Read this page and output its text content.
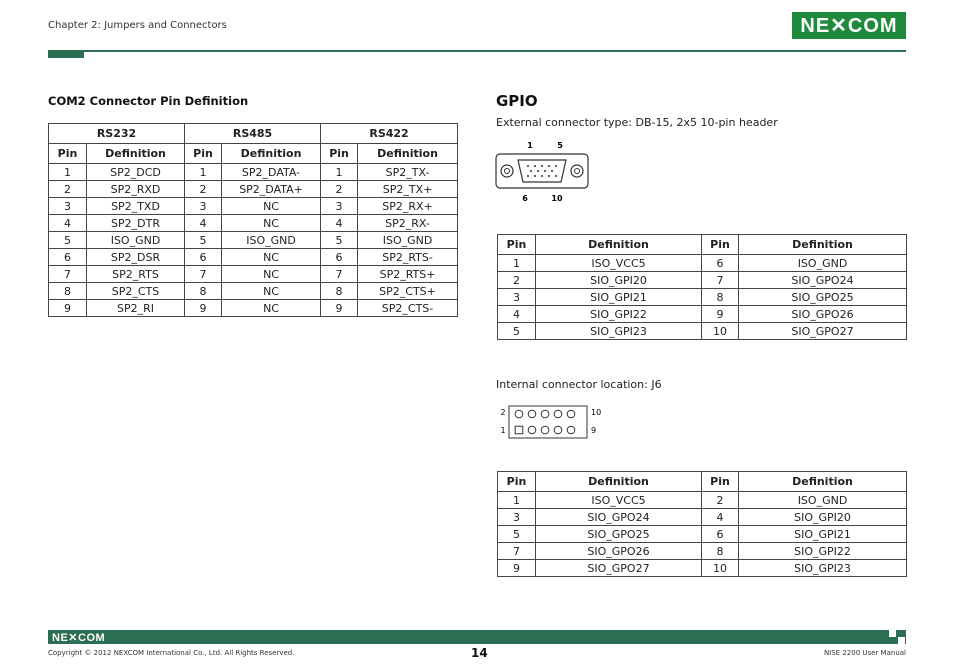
Chapter 2: Jumpers and Connectors	NE✕COM
COM2 Connector Pin Definition
RS232		RS485		RS422	
Pin	Definition	Pin	Definition	Pin	Definition
1	SP2_DCD	1	SP2_DATA-	1	SP2_TX-
2	SP2_RXD	2	SP2_DATA+	2	SP2_TX+
3	SP2_TXD	3	NC	3	SP2_RX+
4	SP2_DTR	4	NC	4	SP2_RX-
5	ISO_GND	5	ISO_GND	5	ISO_GND
6	SP2_DSR	6	NC	6	SP2_RTS-
7	SP2_RTS	7	NC	7	SP2_RTS+
8	SP2_CTS	8	NC	8	SP2_CTS+
9	SP2_RI	9	NC	9	SP2_CTS-
GPIO
External connector type: DB-15, 2x5 10-pin header
1	5
6	10
Pin	Definition	Pin	Definition
1	ISO_VCC5	6	ISO_GND
2	SIO_GPI20	7	SIO_GPO24
3	SIO_GPI21	8	SIO_GPO25
4	SIO_GPI22	9	SIO_GPO26
5	SIO_GPI23	10	SIO_GPO27
Internal connector location: J6
2
1
10
9
Pin	Definition	Pin	Definition
1	ISO_VCC5	2	ISO_GND
3	SIO_GPO24	4	SIO_GPI20
5	SIO_GPO25	6	SIO_GPI21
7	SIO_GPO26	8	SIO_GPI22
9	SIO_GPO27	10	SIO_GPI23
NE✕COM
Copyright © 2012 NEXCOM International Co., Ltd. All Rights Reserved.	14	NISE 2200 User Manual
